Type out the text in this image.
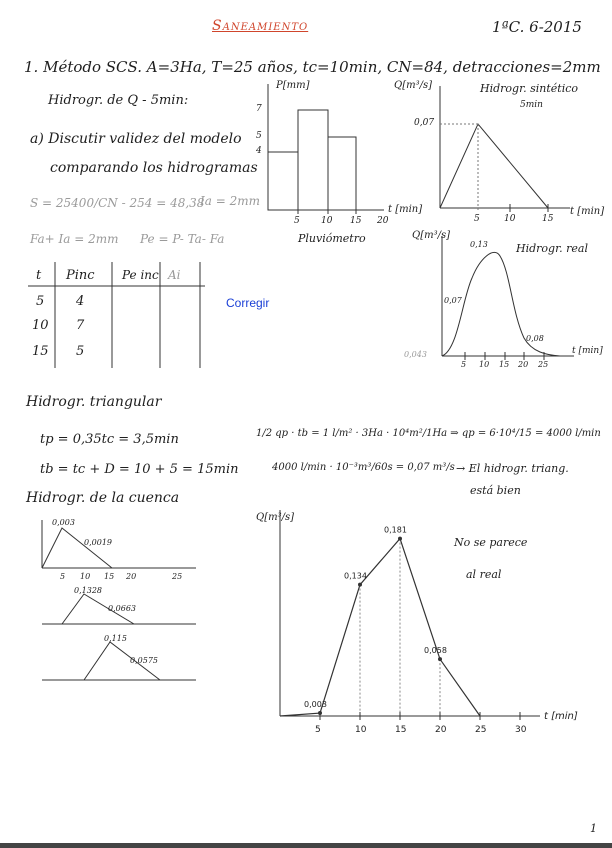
Saneamiento	1ªC. 6-2015
1. Método SCS. A=3Ha, T=25 años, tc=10min, CN=84, detracciones=2mm
Hidrogr. de Q - 5min:
a) Discutir validez del modelo
comparando los hidrogramas
S = 25400/CN - 254 = 48,38
Ia = 2mm
Fa+ Ia = 2mm Pe = P- Ta- Fa
t Pinc Pe inc Ai
5 4
10 7
15 5
Corregir
P[mm]
7
5
4
5 10 15 20
t [min]
Pluviómetro
Q[m³/s]	Hidrogr. sintético
5min
0,07
5	10	15
t [min]
Q[m³/s]
Hidrogr. real
0,13
0,07
0,08
0,043
5 10 15 20 25
t [min]
Hidrogr. triangular
tp = 0,35tc = 3,5min
tb = tc + D = 10 + 5 = 15min
1/2 qp · tb = 1 l/m² · 3Ha · 10⁴m²/1Ha ⇒ qp = 6·10⁴/15 = 4000 l/min
4000 l/min · 10⁻³m³/60s = 0,07 m³/s → El hidrogr. triang.
está bien
Hidrogr. de la cuenca
0,003
0,0019
0,1328
0,0663
0,115
0,0575
5 10 15 20	25
Q[m³/s]
No se parece
al real
0,003
0,134
0,181
0,058
5	10	15	20	25	30
t [min]
1
